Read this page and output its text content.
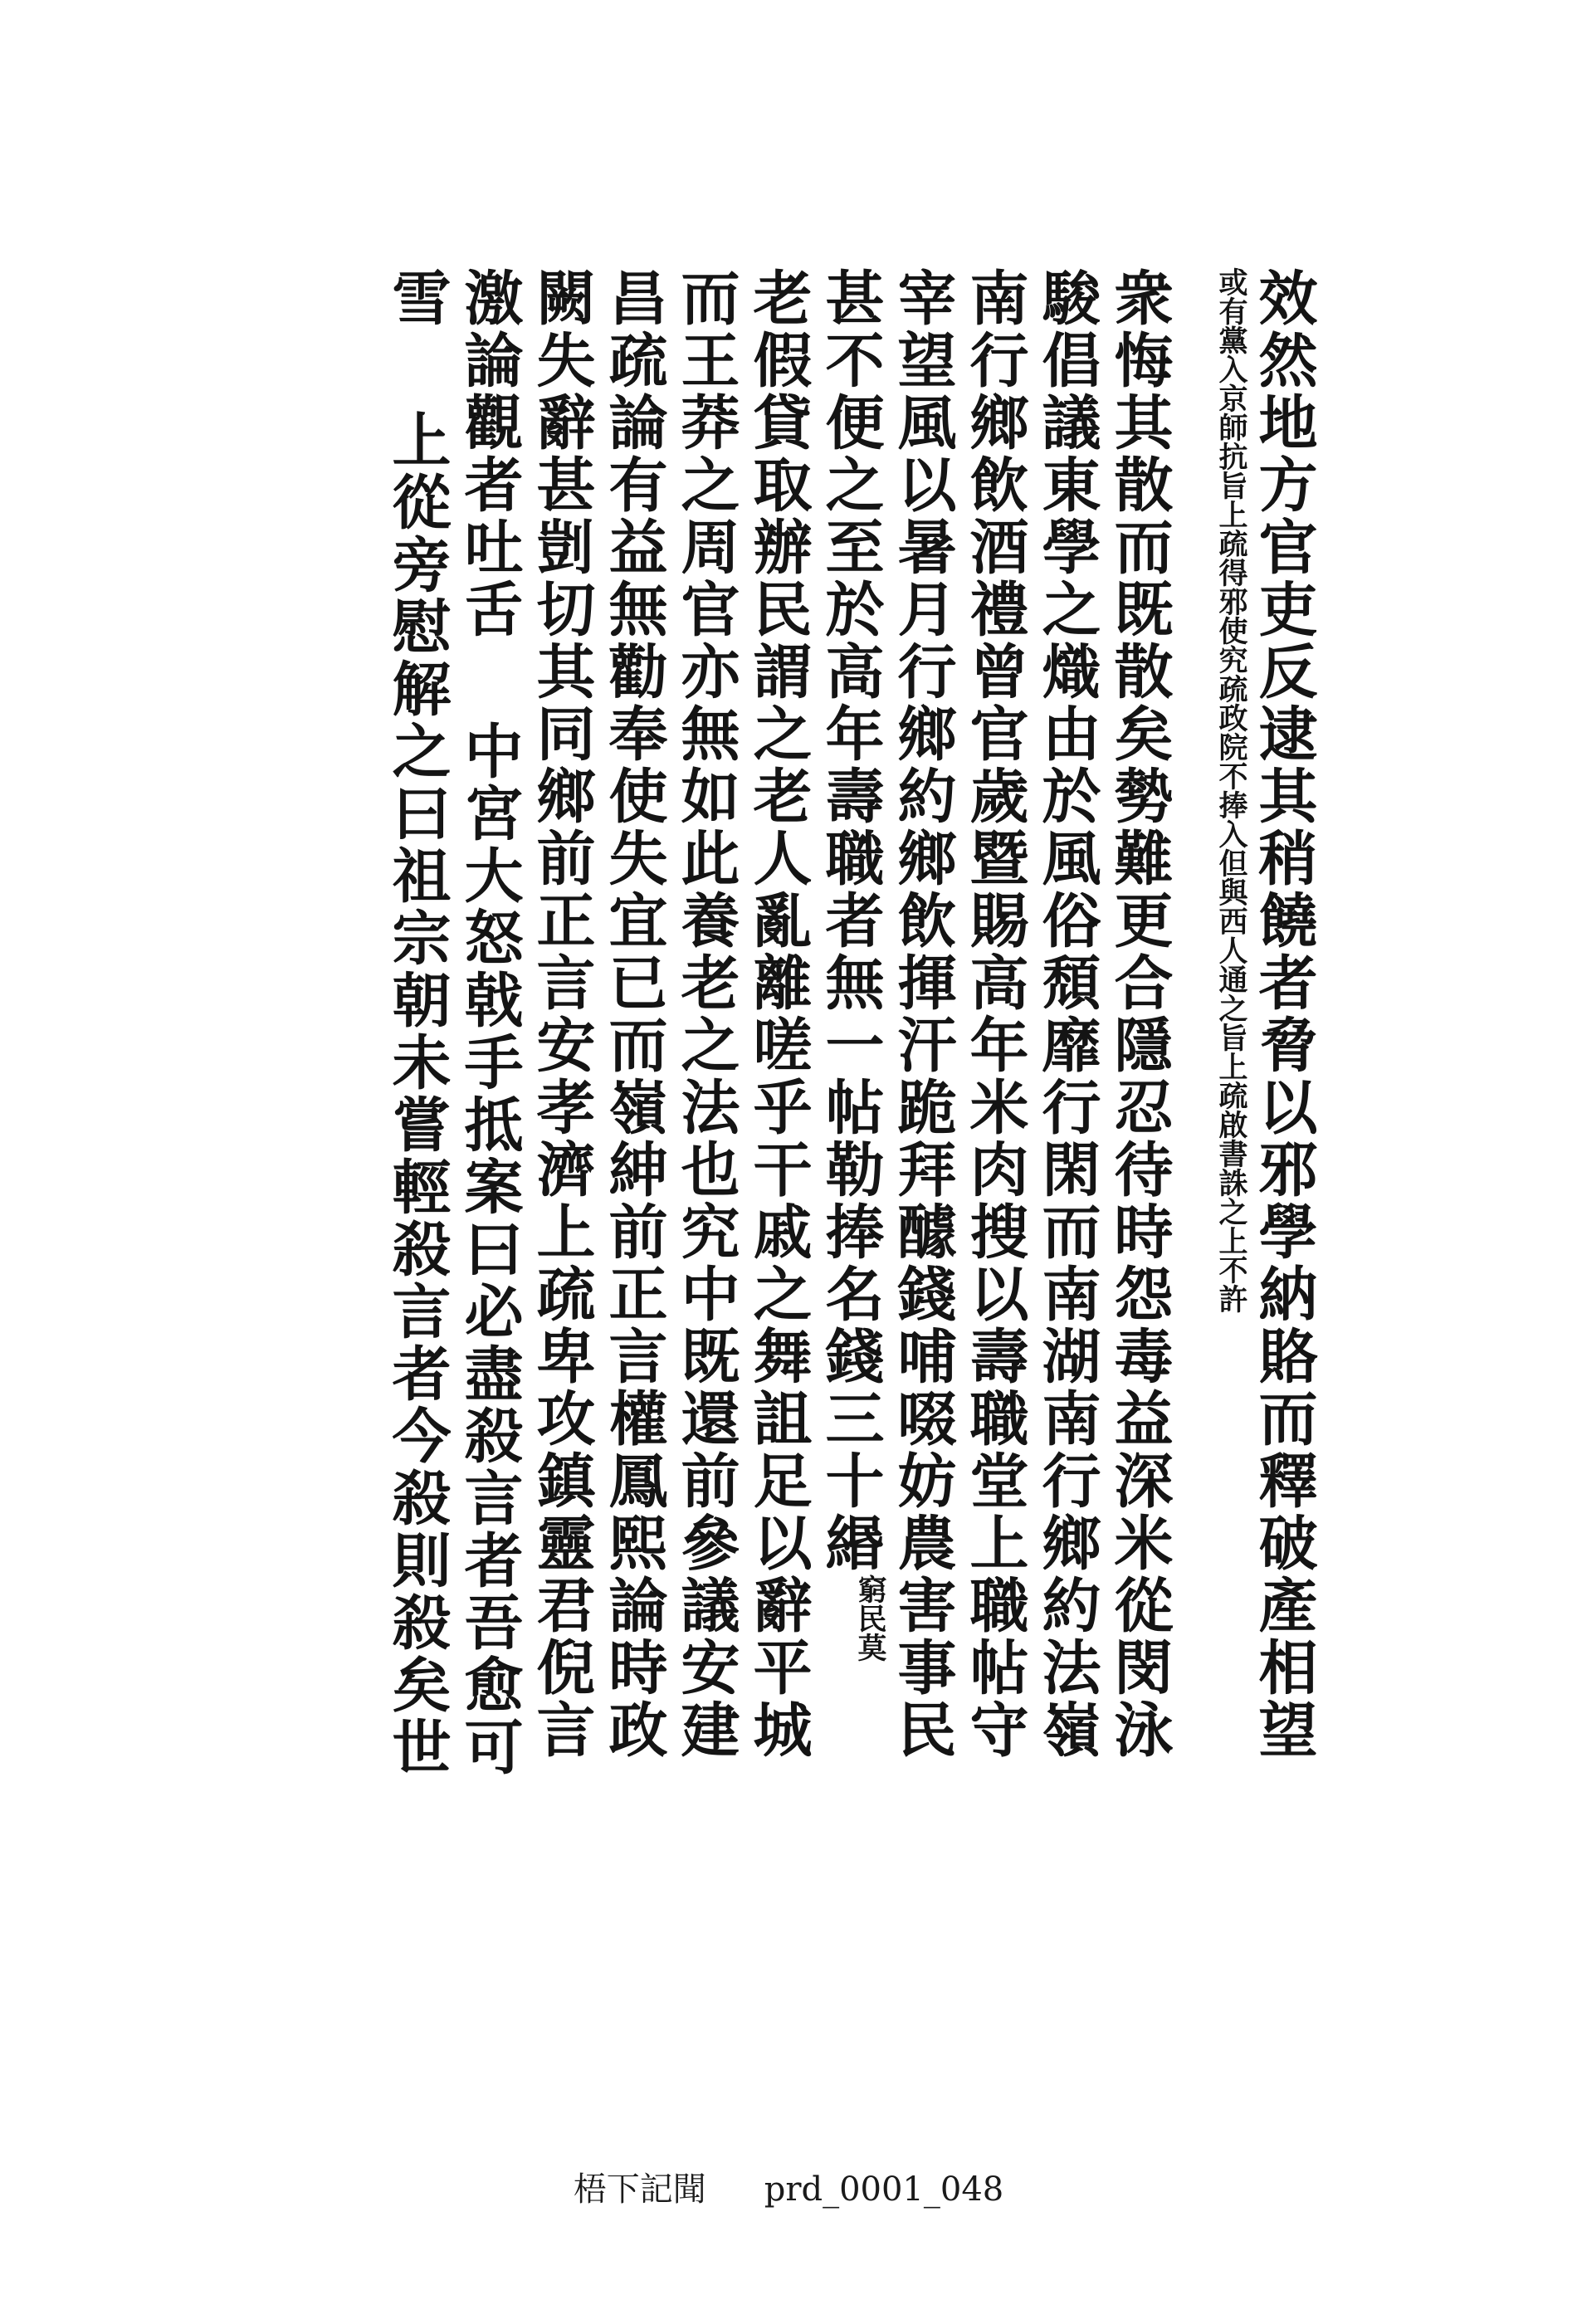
效然地方官吏反逮其稍饒者脅以邪學納賂而釋破產相望
$^{或有黨入京師抗旨上疏得邪使究疏政院不捧入但與西人通之旨上疏啟書誅之上不許}$
衆悔其散而既散矣勢難更合隱忍待時怨毒益深米從閔泳
駿倡議東學之熾由於風俗頹靡行閑而南湖南行鄉約法嶺
南行鄉飲酒禮曾官歲暨賜高年米肉搜以壽職堂上職帖守
宰望風以暑月行鄉約鄉飲揮汗跪拜醵錢哺啜妨農害事民
甚不便之至於高年壽職者無一帖勒捧名錢三十緡$^{窮民莫}$
老假貸取辦民謂之老人亂離嗟乎干戚之舞詛足以辭平城
而王莽之周官亦無如此養老之法也究中既還前參議安建
昌疏論有益無勸奉使失宜已而嶺紳前正言權鳳熙論時政
闕失辭甚剴切其同鄉前正言安孝濟上疏卑攻鎮靈君倪言
激論觀者吐舌中宮大怒戟手抵案曰必盡殺言者吾愈可
雪上從旁慰解之曰祖宗朝未嘗輕殺言者今殺則殺矣世
梧下記聞 prd_0001_048
